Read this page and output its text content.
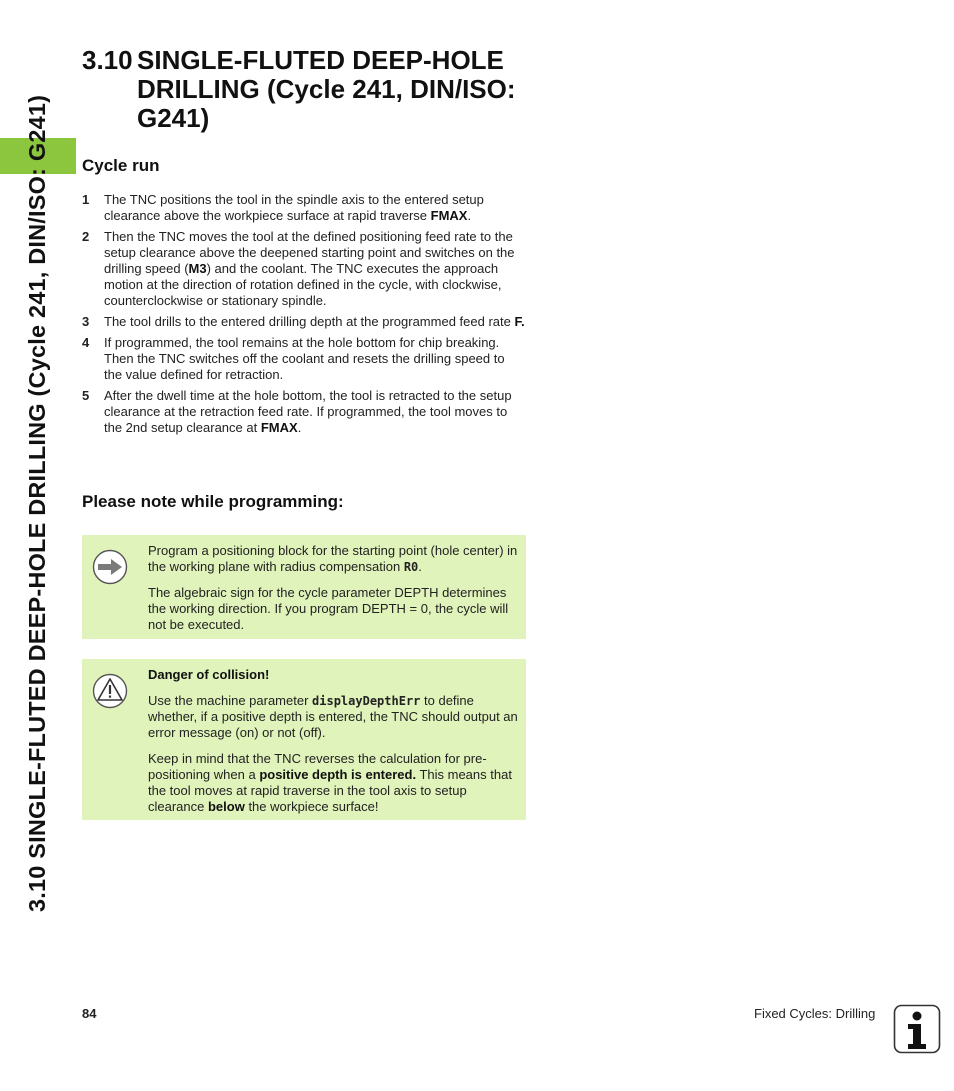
3.10 SINGLE-FLUTED DEEP-HOLE DRILLING (Cycle 241, DIN/ISO: G241)
3.10 SINGLE-FLUTED DEEP-HOLE DRILLING (Cycle 241, DIN/ISO: G241)
Cycle run
1 The TNC positions the tool in the spindle axis to the entered setup clearance above the workpiece surface at rapid traverse FMAX.
2 Then the TNC moves the tool at the defined positioning feed rate to the setup clearance above the deepened starting point and switches on the drilling speed (M3) and the coolant. The TNC executes the approach motion at the direction of rotation defined in the cycle, with clockwise, counterclockwise or stationary spindle.
3 The tool drills to the entered drilling depth at the programmed feed rate F.
4 If programmed, the tool remains at the hole bottom for chip breaking. Then the TNC switches off the coolant and resets the drilling speed to the value defined for retraction.
5 After the dwell time at the hole bottom, the tool is retracted to the setup clearance at the retraction feed rate. If programmed, the tool moves to the 2nd setup clearance at FMAX.
Please note while programming:

Program a positioning block for the starting point (hole center) in the working plane with radius compensation R0.

The algebraic sign for the cycle parameter DEPTH determines the working direction. If you program DEPTH = 0, the cycle will not be executed.

Danger of collision!

Use the machine parameter displayDepthErr to define whether, if a positive depth is entered, the TNC should output an error message (on) or not (off).

Keep in mind that the TNC reverses the calculation for pre-positioning when a positive depth is entered. This means that the tool moves at rapid traverse in the tool axis to setup clearance below the workpiece surface!

84	Fixed Cycles: Drilling
